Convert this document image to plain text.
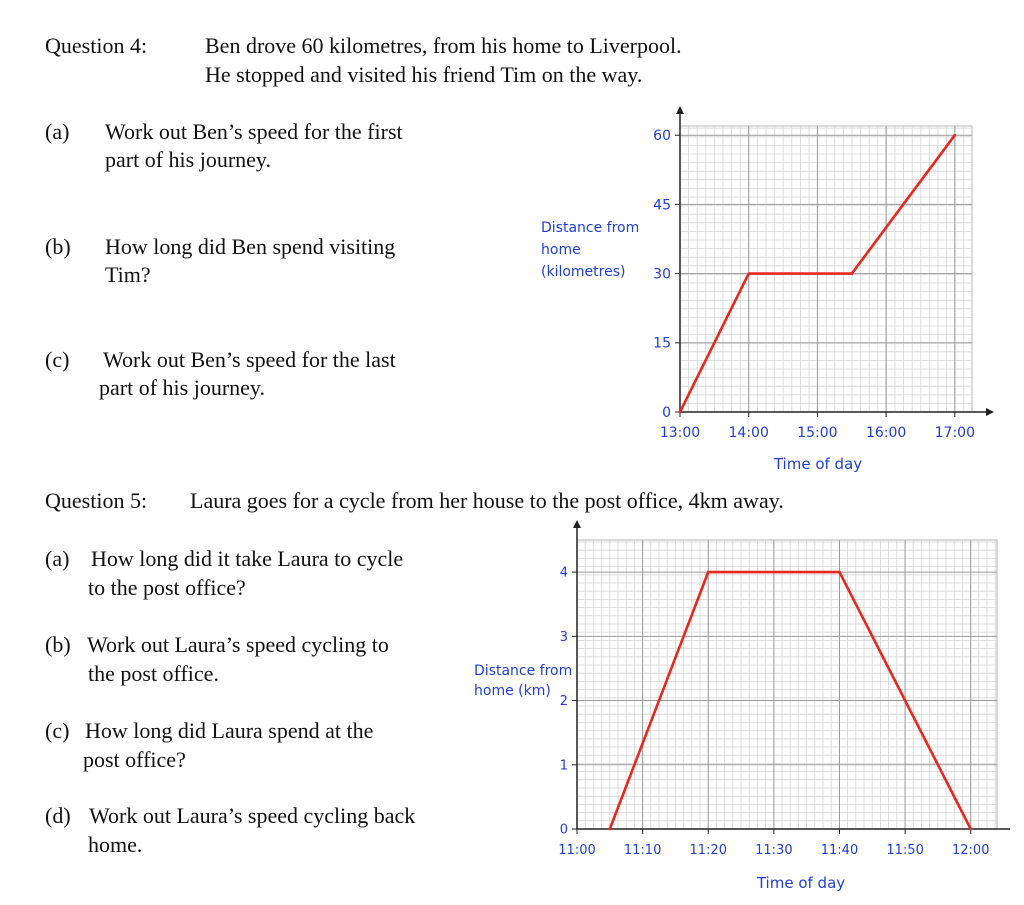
Question 4:	Ben drove 60 kilometres, from his home to Liverpool.
He stopped and visited his friend Tim on the way.
(a) Work out Ben’s speed for the first
part of his journey.
(b) How long did Ben spend visiting
Tim?
(c) Work out Ben’s speed for the last
part of his journey.
13:00 14:00 15:00 16:00 17:00
0
15
30
45
60
Distance from
home
(kilometres)
Time of day
Question 5: Laura goes for a cycle from her house to the post office, 4km away.
(a) How long did it take Laura to cycle
to the post office?
(b) Work out Laura’s speed cycling to
the post office.
(c) How long did Laura spend at the
post office?
(d) Work out Laura’s speed cycling back
home.	11:00 11:10 11:20 11:30 11:40 11:50 12:00
0
1
2
3
4
Distance from
home (km)
Time of day
